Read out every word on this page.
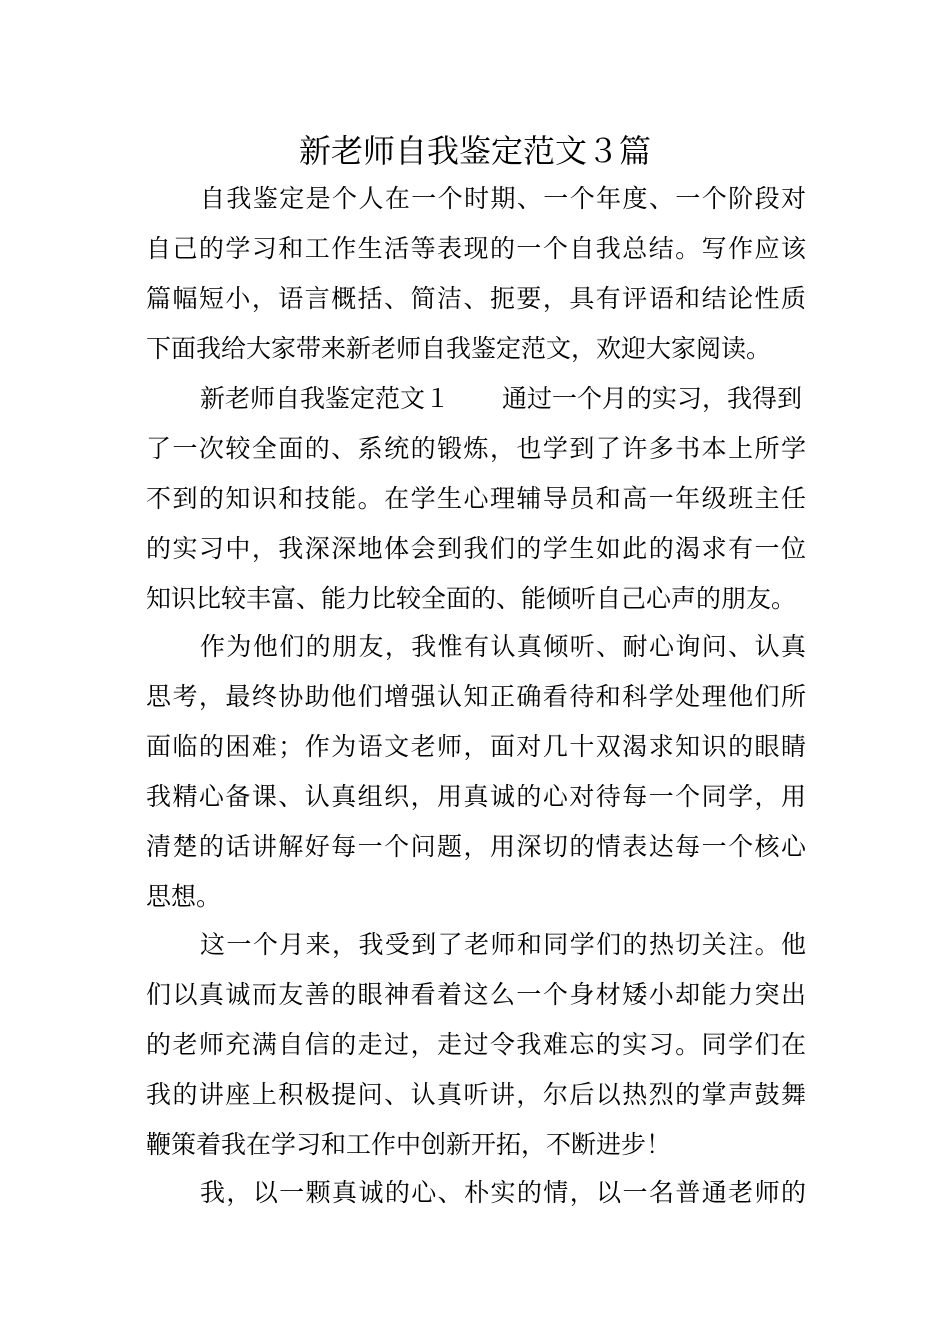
新老师自我鉴定范文３篇
自我鉴定是个人在一个时期、一个年度、一个阶段对
自己的学习和工作生活等表现的一个自我总结。写作应该
篇幅短小，语言概括、简洁、扼要，具有评语和结论性质
下面我给大家带来新老师自我鉴定范文，欢迎大家阅读。
新老师自我鉴定范文１ 通过一个月的实习，我得到
了一次较全面的、系统的锻炼，也学到了许多书本上所学
不到的知识和技能。在学生心理辅导员和高一年级班主任
的实习中，我深深地体会到我们的学生如此的渴求有一位
知识比较丰富、能力比较全面的、能倾听自己心声的朋友。
作为他们的朋友，我惟有认真倾听、耐心询问、认真
思考，最终协助他们增强认知正确看待和科学处理他们所
面临的困难；作为语文老师，面对几十双渴求知识的眼睛
我精心备课、认真组织，用真诚的心对待每一个同学，用
清楚的话讲解好每一个问题，用深切的情表达每一个核心
思想。
这一个月来，我受到了老师和同学们的热切关注。他
们以真诚而友善的眼神看着这么一个身材矮小却能力突出
的老师充满自信的走过，走过令我难忘的实习。同学们在
我的讲座上积极提问、认真听讲，尔后以热烈的掌声鼓舞
鞭策着我在学习和工作中创新开拓，不断进步！
我，以一颗真诚的心、朴实的情，以一名普通老师的
